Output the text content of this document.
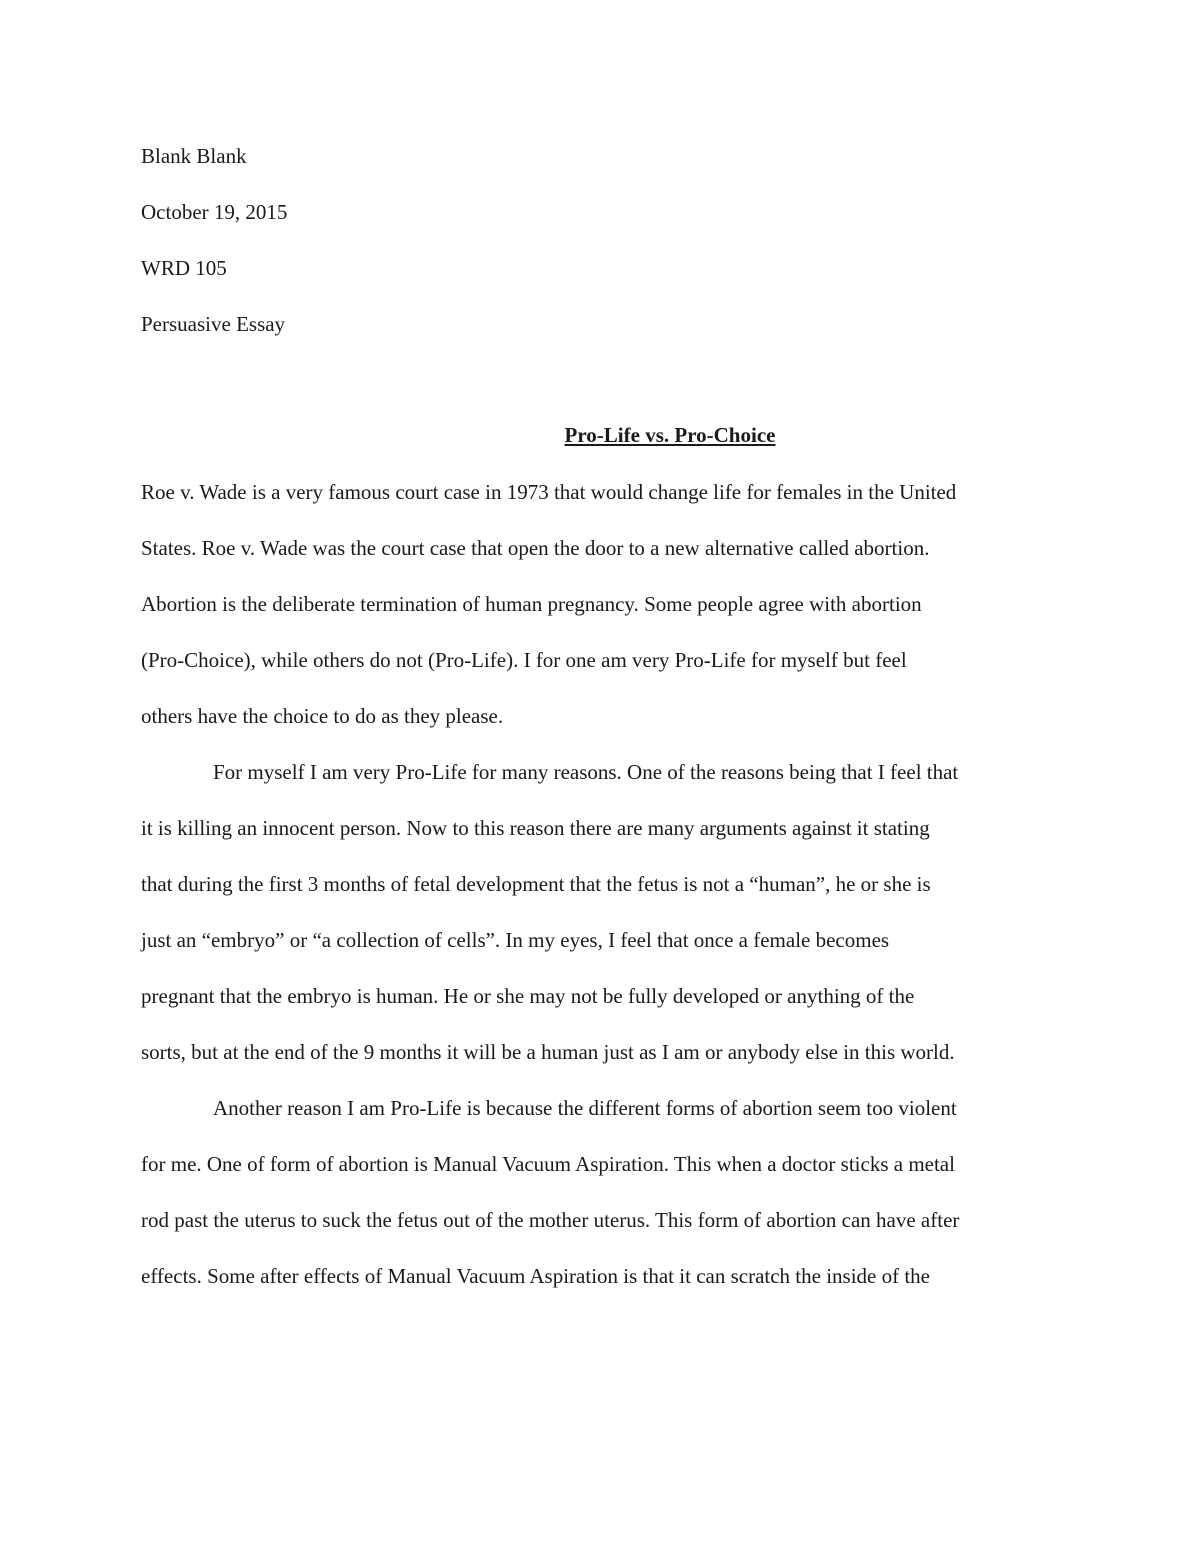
Blank Blank
October 19, 2015
WRD 105
Persuasive Essay
Pro-Life vs. Pro-Choice
Roe v. Wade is a very famous court case in 1973 that would change life for females in the United
States. Roe v. Wade was the court case that open the door to a new alternative called abortion.
Abortion is the deliberate termination of human pregnancy. Some people agree with abortion
(Pro-Choice), while others do not (Pro-Life). I for one am very Pro-Life for myself but feel
others have the choice to do as they please.
For myself I am very Pro-Life for many reasons. One of the reasons being that I feel that
it is killing an innocent person. Now to this reason there are many arguments against it stating
that during the first 3 months of fetal development that the fetus is not a “human”, he or she is
just an “embryo” or “a collection of cells”. In my eyes, I feel that once a female becomes
pregnant that the embryo is human. He or she may not be fully developed or anything of the
sorts, but at the end of the 9 months it will be a human just as I am or anybody else in this world.
Another reason I am Pro-Life is because the different forms of abortion seem too violent
for me. One of form of abortion is Manual Vacuum Aspiration. This when a doctor sticks a metal
rod past the uterus to suck the fetus out of the mother uterus. This form of abortion can have after
effects. Some after effects of Manual Vacuum Aspiration is that it can scratch the inside of the
